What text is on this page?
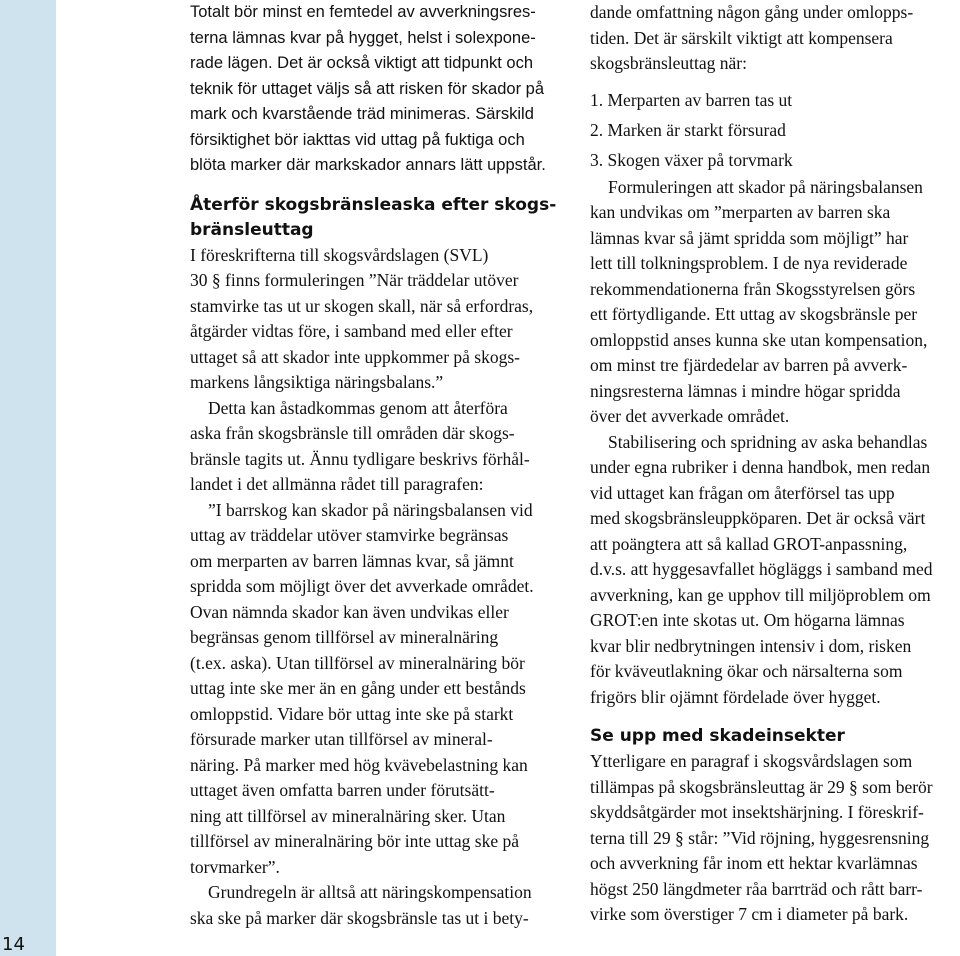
14
Totalt bör minst en femtedel av avverkningsres-
terna lämnas kvar på hygget, helst i solexpone-
rade lägen. Det är också viktigt att tidpunkt och
teknik för uttaget väljs så att risken för skador på
mark och kvarstående träd minimeras. Särskild
försiktighet bör iakttas vid uttag på fuktiga och
blöta marker där markskador annars lätt uppstår.
Återför skogsbränsleaska efter skogs-
bränsleuttag
I föreskrifterna till skogsvårdslagen (SVL)
30 § finns formuleringen ”När träddelar utöver
stamvirke tas ut ur skogen skall, när så erfordras,
åtgärder vidtas före, i samband med eller efter
uttaget så att skador inte uppkommer på skogs-
markens långsiktiga näringsbalans.”
Detta kan åstadkommas genom att återföra
aska från skogsbränsle till områden där skogs-
bränsle tagits ut. Ännu tydligare beskrivs förhål-
landet i det allmänna rådet till paragrafen:
”I barrskog kan skador på näringsbalansen vid
uttag av träddelar utöver stamvirke begränsas
om merparten av barren lämnas kvar, så jämnt
spridda som möjligt över det avverkade området.
Ovan nämnda skador kan även undvikas eller
begränsas genom tillförsel av mineralnäring
(t.ex. aska). Utan tillförsel av mineralnäring bör
uttag inte ske mer än en gång under ett bestånds
omloppstid. Vidare bör uttag inte ske på starkt
försurade marker utan tillförsel av mineral-
näring. På marker med hög kvävebelastning kan
uttaget även omfatta barren under förutsätt-
ning att tillförsel av mineralnäring sker. Utan
tillförsel av mineralnäring bör inte uttag ske på
torvmarker”.
Grundregeln är alltså att näringskompensation
ska ske på marker där skogsbränsle tas ut i bety-
dande omfattning någon gång under omlopps-
tiden. Det är särskilt viktigt att kompensera
skogsbränsleuttag när:
1. Merparten av barren tas ut
2. Marken är starkt försurad
3. Skogen växer på torvmark
Formuleringen att skador på näringsbalansen
kan undvikas om ”merparten av barren ska
lämnas kvar så jämt spridda som möjligt” har
lett till tolkningsproblem. I de nya reviderade
rekommendationerna från Skogsstyrelsen görs
ett förtydligande. Ett uttag av skogsbränsle per
omloppstid anses kunna ske utan kompensation,
om minst tre fjärdedelar av barren på avverk-
ningsresterna lämnas i mindre högar spridda
över det avverkade området.
Stabilisering och spridning av aska behandlas
under egna rubriker i denna handbok, men redan
vid uttaget kan frågan om återförsel tas upp
med skogsbränsleuppköparen. Det är också värt
att poängtera att så kallad GROT-anpassning,
d.v.s. att hyggesavfallet högläggs i samband med
avverkning, kan ge upphov till miljöproblem om
GROT:en inte skotas ut. Om högarna lämnas
kvar blir nedbrytningen intensiv i dom, risken
för kväveutlakning ökar och närsalterna som
frigörs blir ojämnt fördelade över hygget.
Se upp med skadeinsekter
Ytterligare en paragraf i skogsvårdslagen som
tillämpas på skogsbränsleuttag är 29 § som berör
skyddsåtgärder mot insektshärjning. I föreskrif-
terna till 29 § står: ”Vid röjning, hyggesrensning
och avverkning får inom ett hektar kvarlämnas
högst 250 längdmeter råa barrträd och rått barr-
virke som överstiger 7 cm i diameter på bark.
